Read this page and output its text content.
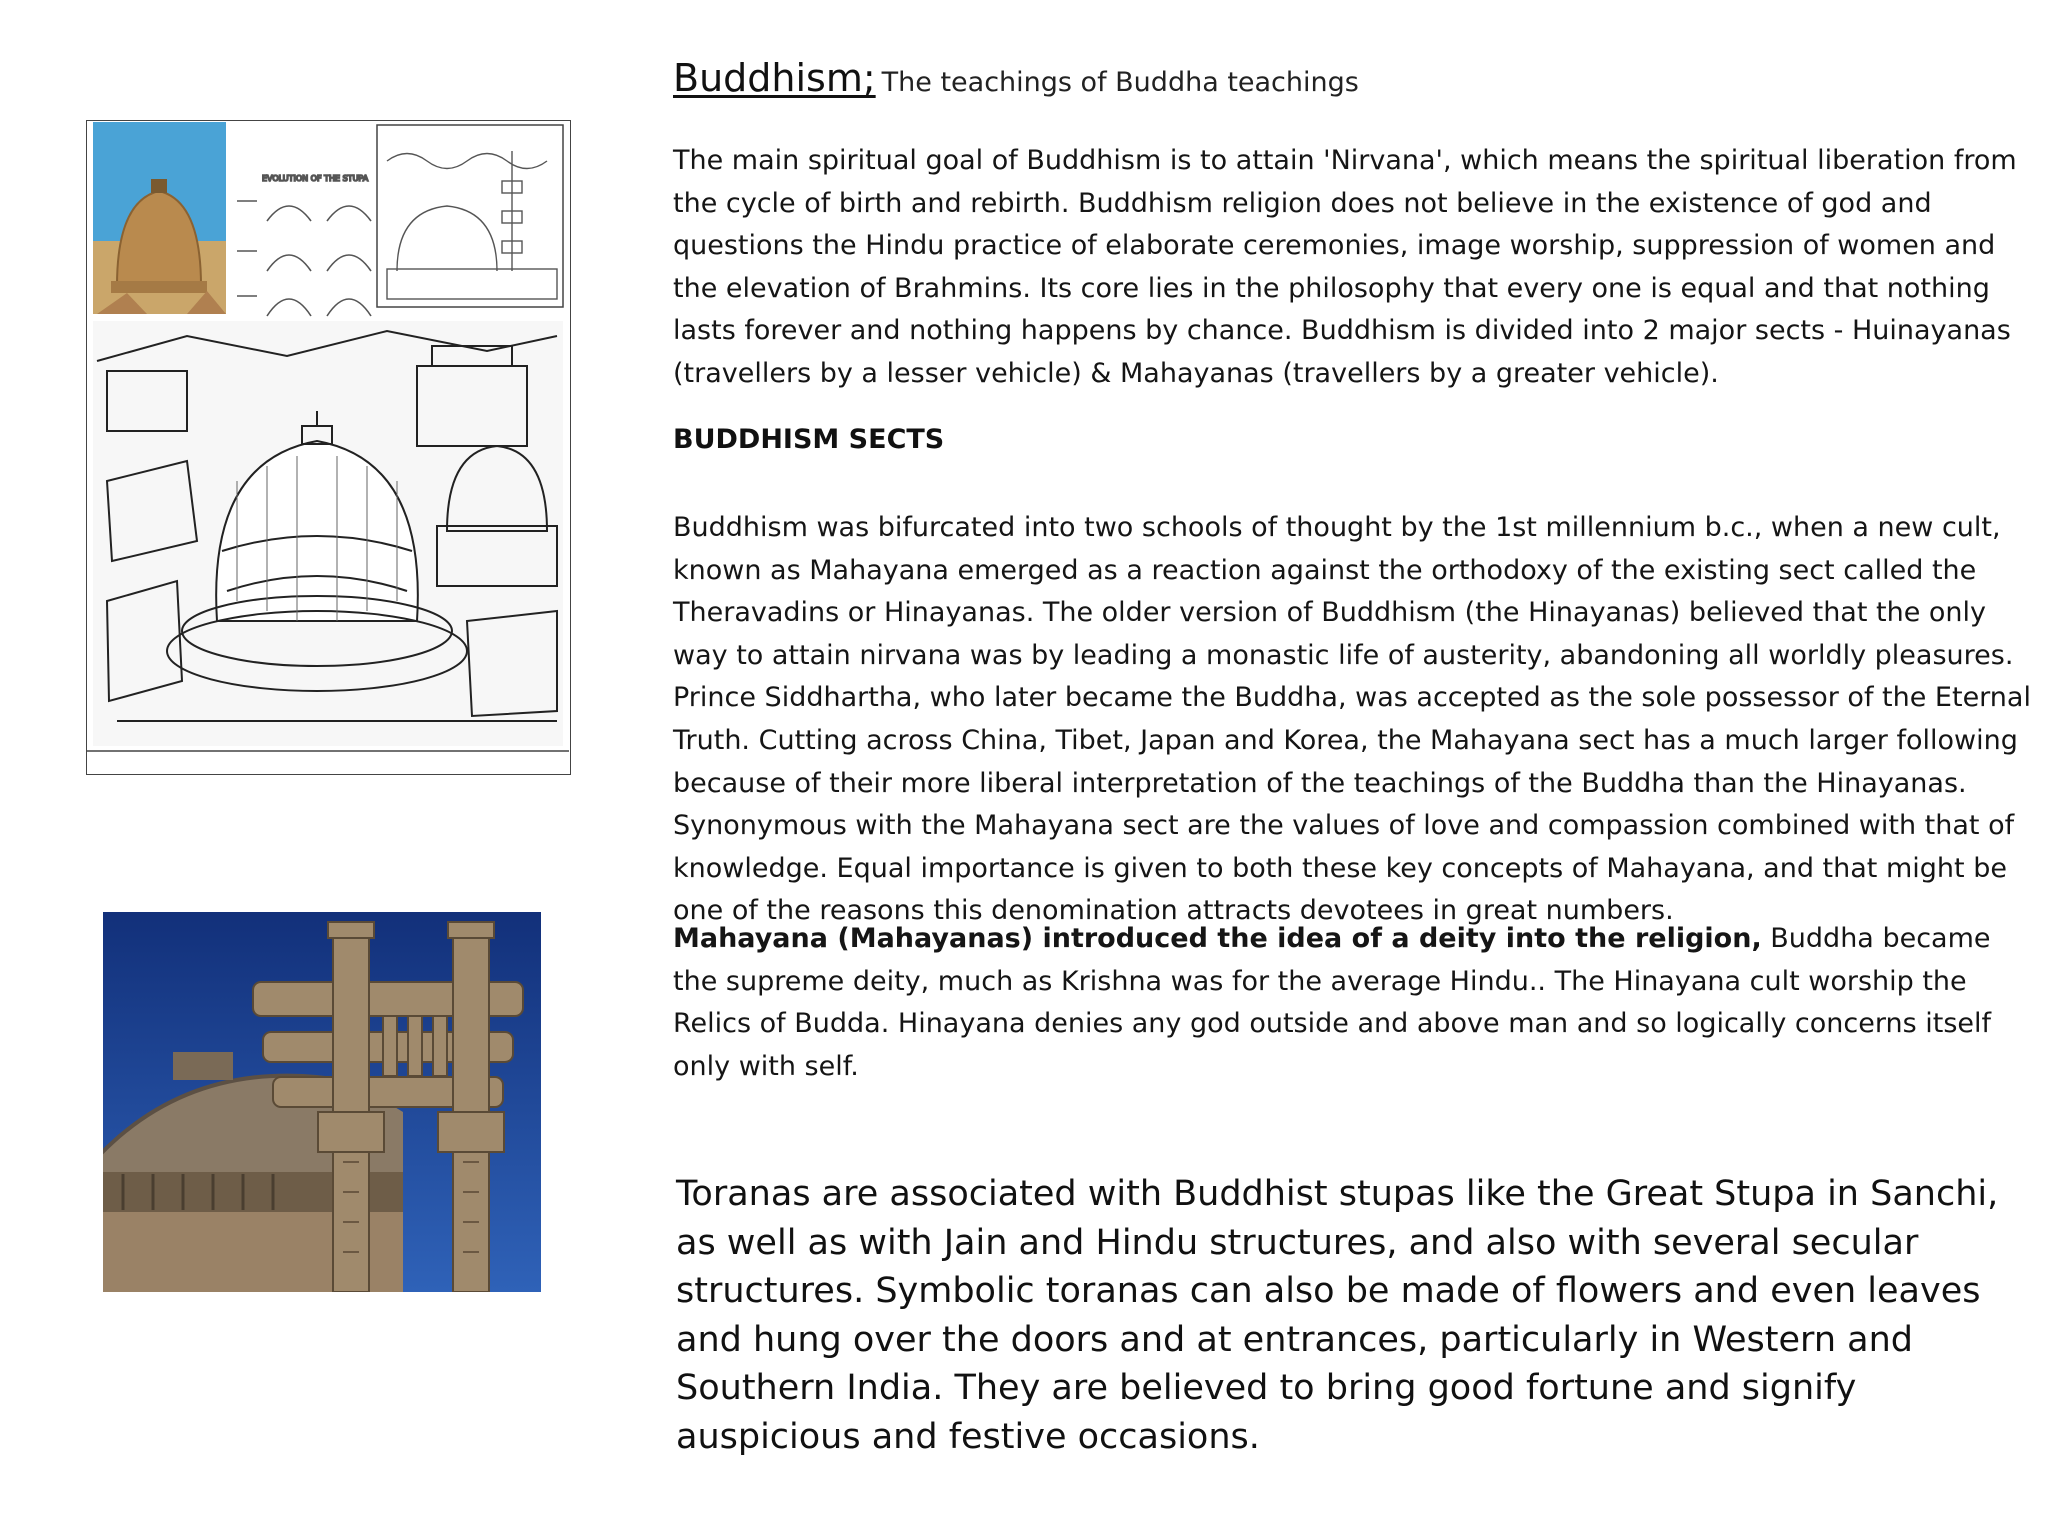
EVOLUTION OF THE STUPA
Buddhism; The teachings of Buddha teachings

The main spiritual goal of Buddhism is to attain 'Nirvana', which means the spiritual liberation from the cycle of birth and rebirth. Buddhism religion does not believe in the existence of god and questions the Hindu practice of elaborate ceremonies, image worship, suppression of women and the elevation of Brahmins. Its core lies in the philosophy that every one is equal and that nothing lasts forever and nothing happens by chance. Buddhism is divided into 2 major sects - Huinayanas (travellers by a lesser vehicle) & Mahayanas (travellers by a greater vehicle).

BUDDHISM SECTS

Buddhism was bifurcated into two schools of thought by the 1st millennium b.c., when a new cult, known as Mahayana emerged as a reaction against the orthodoxy of the existing sect called the Theravadins or Hinayanas. The older version of Buddhism (the Hinayanas) believed that the only way to attain nirvana was by leading a monastic life of austerity, abandoning all worldly pleasures. Prince Siddhartha, who later became the Buddha, was accepted as the sole possessor of the Eternal Truth. Cutting across China, Tibet, Japan and Korea, the Mahayana sect has a much larger following because of their more liberal interpretation of the teachings of the Buddha than the Hinayanas. Synonymous with the Mahayana sect are the values of love and compassion combined with that of knowledge. Equal importance is given to both these key concepts of Mahayana, and that might be one of the reasons this denomination attracts devotees in great numbers.

Mahayana (Mahayanas) introduced the idea of a deity into the religion, Buddha became the supreme deity, much as Krishna was for the average Hindu.. The Hinayana cult worship the Relics of Budda. Hinayana denies any god outside and above man and so logically concerns itself only with self.

Toranas are associated with Buddhist stupas like the Great Stupa in Sanchi, as well as with Jain and Hindu structures, and also with several secular structures. Symbolic toranas can also be made of flowers and even leaves and hung over the doors and at entrances, particularly in Western and Southern India. They are believed to bring good fortune and signify auspicious and festive occasions.
